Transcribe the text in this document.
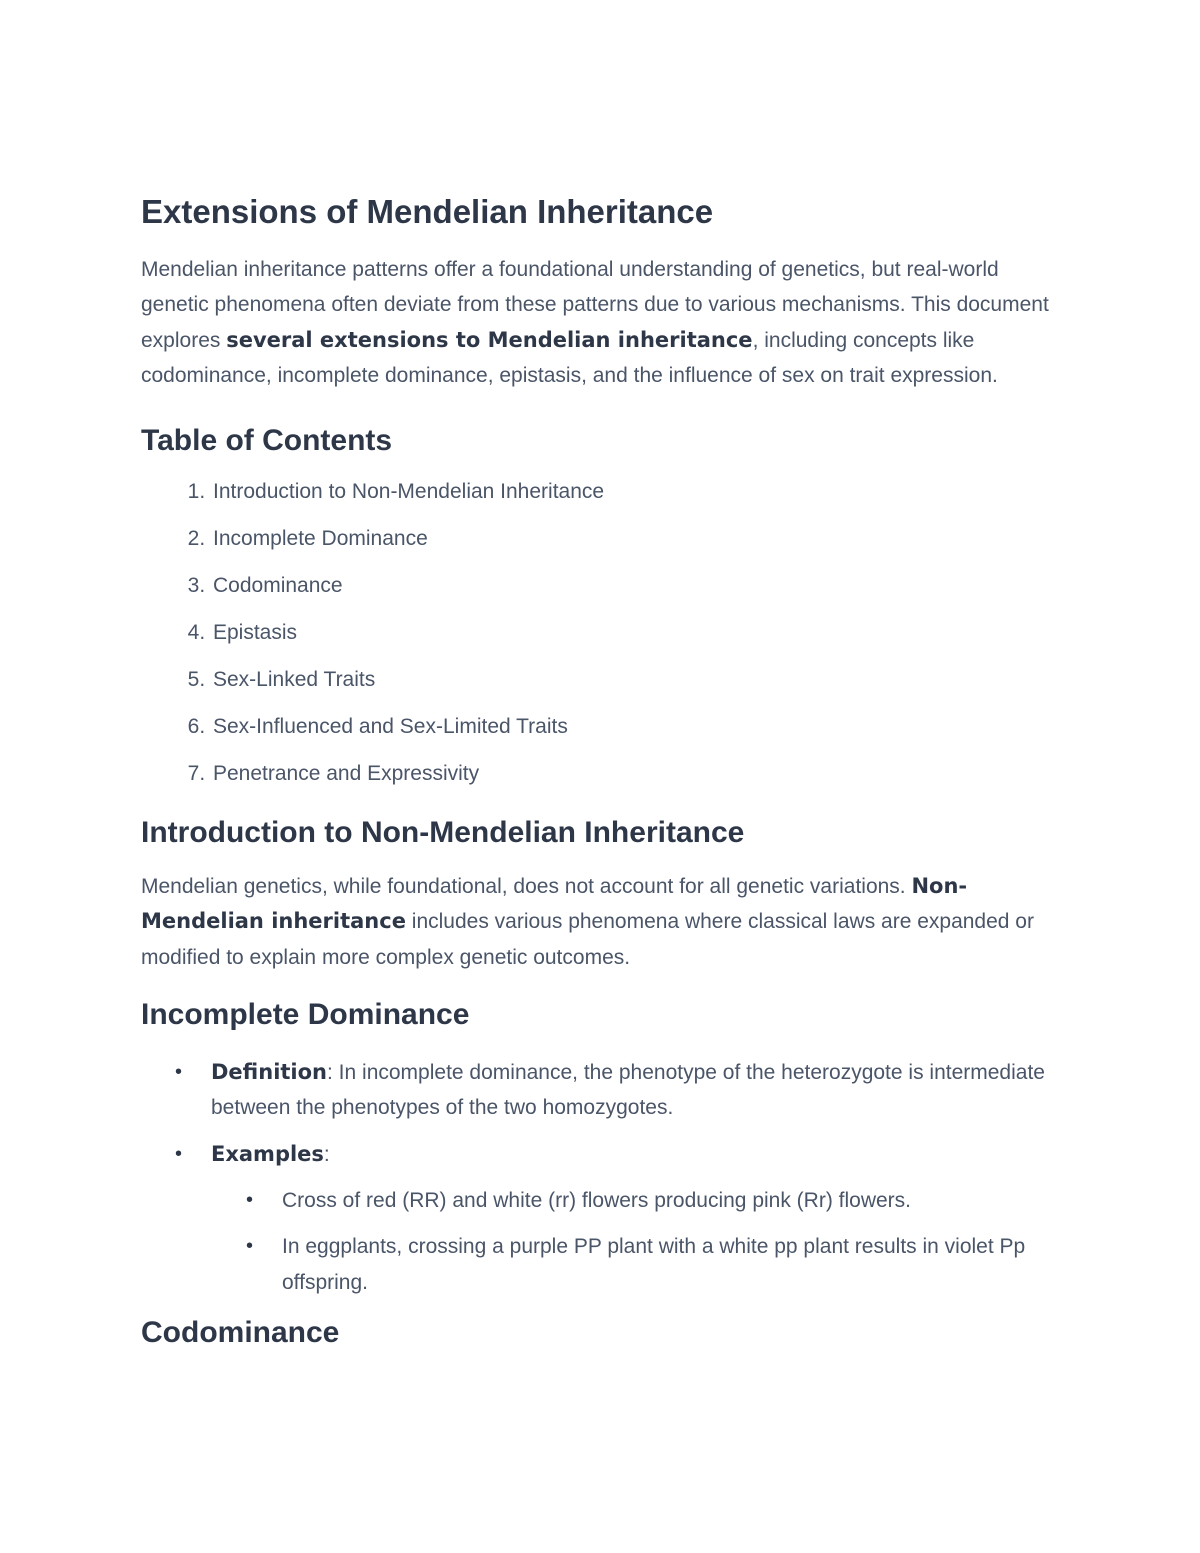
Extensions of Mendelian Inheritance

Mendelian inheritance patterns offer a foundational understanding of genetics, but real-world genetic phenomena often deviate from these patterns due to various mechanisms. This document explores several extensions to Mendelian inheritance, including concepts like codominance, incomplete dominance, epistasis, and the influence of sex on trait expression.

Table of Contents
1. Introduction to Non-Mendelian Inheritance
2. Incomplete Dominance
3. Codominance
4. Epistasis
5. Sex-Linked Traits
6. Sex-Influenced and Sex-Limited Traits
7. Penetrance and Expressivity
Introduction to Non-Mendelian Inheritance

Mendelian genetics, while foundational, does not account for all genetic variations. Non-Mendelian inheritance includes various phenomena where classical laws are expanded or modified to explain more complex genetic outcomes.

Incomplete Dominance
• Definition: In incomplete dominance, the phenotype of the heterozygote is intermediate between the phenotypes of the two homozygotes.
• Examples:
• Cross of red (RR) and white (rr) flowers producing pink (Rr) flowers.
• In eggplants, crossing a purple PP plant with a white pp plant results in violet Pp offspring.
Codominance
